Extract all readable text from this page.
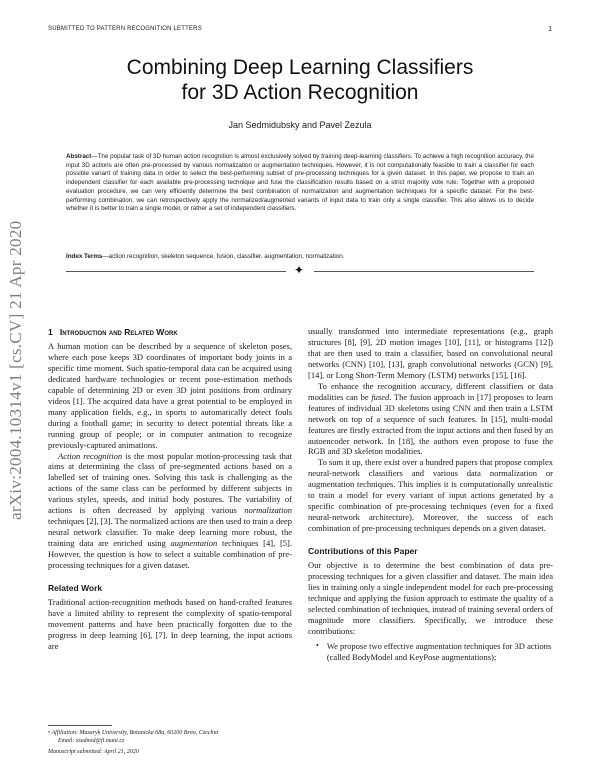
SUBMITTED TO PATTERN RECOGNITION LETTERS	1
Combining Deep Learning Classifiers
for 3D Action Recognition
Jan Sedmidubsky and Pavel Zezula
Abstract—The popular task of 3D human action recognition is almost exclusively solved by training deep-learning classifiers. To achieve a high recognition accuracy, the input 3D actions are often pre-processed by various normalization or augmentation techniques. However, it is not computationally feasible to train a classifier for each possible variant of training data in order to select the best-performing subset of pre-processing techniques for a given dataset. In this paper, we propose to train an independent classifier for each available pre-processing technique and fuse the classification results based on a strict majority vote rule. Together with a proposed evaluation procedure, we can very efficiently determine the best combination of normalization and augmentation techniques for a specific dataset. For the best-performing combination, we can retrospectively apply the normalized/augmented variants of input data to train only a single classifier. This also allows us to decide whether it is better to train a single model, or rather a set of independent classifiers.
Index Terms—action recognition, skeleton sequence, fusion, classifier, augmentation, normalization.
✦
arXiv:2004.10314v1 [cs.CV] 21 Apr 2020	1 Introduction and Related Work

A human motion can be described by a sequence of skeleton poses, where each pose keeps 3D coordinates of important body joints in a specific time moment. Such spatio-temporal data can be acquired using dedicated hardware technologies or recent pose-estimation methods capable of determining 2D or even 3D joint positions from ordinary videos [1]. The acquired data have a great potential to be employed in many application fields, e.g., in sports to automatically detect fouls during a football game; in security to detect potential threats like a running group of people; or in computer animation to recognize previously-captured animations.

Action recognition is the most popular motion-processing task that aims at determining the class of pre-segmented actions based on a labelled set of training ones. Solving this task is challenging as the actions of the same class can be performed by different subjects in various styles, speeds, and initial body postures. The variability of actions is often decreased by applying various normalization techniques [2], [3]. The normalized actions are then used to train a deep neural network classifier. To make deep learning more robust, the training data are enriched using augmentation techniques [4], [5]. However, the question is how to select a suitable combination of pre-processing techniques for a given dataset.

Related Work

Traditional action-recognition methods based on hand-crafted features have a limited ability to represent the complexity of spatio-temporal movement patterns and have been practically forgotten due to the progress in deep learning [6], [7]. In deep learning, the input actions are

• Affiliation: Masaryk University, Botanicka 68a, 60200 Brno, Czechia
Email: xsedmid@fi.muni.cz
Manuscript submitted: April 21, 2020

usually transformed into intermediate representations (e.g., graph structures [8], [9], 2D motion images [10], [11], or histograms [12]) that are then used to train a classifier, based on convolutional neural networks (CNN) [10], [13], graph convolutional networks (GCN) [9], [14], or Long Short-Term Memory (LSTM) networks [15], [16].

To enhance the recognition accuracy, different classifiers or data modalities can be fused. The fusion approach in [17] proposes to learn features of individual 3D skeletons using CNN and then train a LSTM network on top of a sequence of such features. In [15], multi-modal features are firstly extracted from the input actions and then fused by an autoencoder network. In [18], the authors even propose to fuse the RGB and 3D skeleton modalities.

To sum it up, there exist over a hundred papers that propose complex neural-network classifiers and various data normalization or augmentation techniques. This implies it is computationally unrealistic to train a model for every variant of input actions generated by a specific combination of pre-processing techniques (even for a fixed neural-network architecture). Moreover, the success of each combination of pre-processing techniques depends on a given dataset.

Contributions of this Paper

Our objective is to determine the best combination of data pre-processing techniques for a given classifier and dataset. The main idea lies in training only a single independent model for each pre-processing technique and applying the fusion approach to estimate the quality of a selected combination of techniques, instead of training several orders of magnitude more classifiers. Specifically, we introduce these contributions:

• We propose two effective augmentation techniques for 3D actions (called BodyModel and KeyPose augmentations);
